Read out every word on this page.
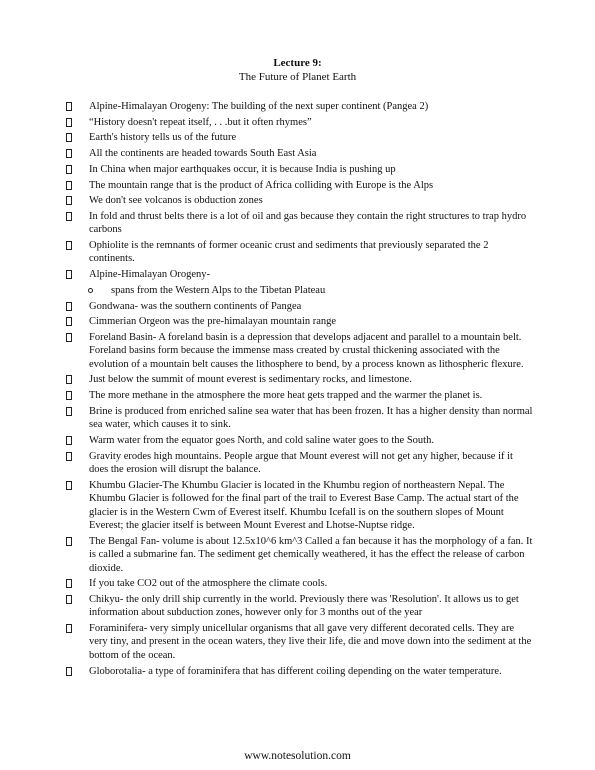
Lecture 9:
The Future of Planet Earth
Alpine-Himalayan Orogeny: The building of the next super continent (Pangea 2)
“History doesn't repeat itself, . . .but it often rhymes”
Earth's history tells us of the future
All the continents are headed towards South East Asia
In China when major earthquakes occur, it is because India is pushing up
The mountain range that is the product of Africa colliding with Europe is the Alps
We don't see volcanos is obduction zones
In fold and thrust belts there is a lot of oil and gas because they contain the right structures to trap hydro carbons
Ophiolite is the remnants of former oceanic crust and sediments that previously separated the 2 continents.
Alpine-Himalayan Orogeny-
spans from the Western Alps to the Tibetan Plateau
Gondwana- was the southern continents of Pangea
Cimmerian Orgeon was the pre-himalayan mountain range
Foreland Basin- A foreland basin is a depression that develops adjacent and parallel to a mountain belt. Foreland basins form because the immense mass created by crustal thickening associated with the evolution of a mountain belt causes the lithosphere to bend, by a process known as lithospheric flexure.
Just below the summit of mount everest is sedimentary rocks, and limestone.
The more methane in the atmosphere the more heat gets trapped and the warmer the planet is.
Brine is produced from enriched saline sea water that has been frozen. It has a higher density than normal sea water, which causes it to sink.
Warm water from the equator goes North, and cold saline water goes to the South.
Gravity erodes high mountains. People argue that Mount everest will not get any higher, because if it does the erosion will disrupt the balance.
Khumbu Glacier-The Khumbu Glacier is located in the Khumbu region of northeastern Nepal. The Khumbu Glacier is followed for the final part of the trail to Everest Base Camp. The actual start of the glacier is in the Western Cwm of Everest itself. Khumbu Icefall is on the southern slopes of Mount Everest; the glacier itself is between Mount Everest and Lhotse-Nuptse ridge.
The Bengal Fan- volume is about 12.5x10^6 km^3 Called a fan because it has the morphology of a fan. It is called a submarine fan. The sediment get chemically weathered, it has the effect the release of carbon dioxide.
If you take CO2 out of the atmosphere the climate cools.
Chikyu- the only drill ship currently in the world. Previously there was 'Resolution'. It allows us to get information about subduction zones, however only for 3 months out of the year
Foraminifera- very simply unicellular organisms that all gave very different decorated cells. They are very tiny, and present in the ocean waters, they live their life, die and move down into the sediment at the bottom of the ocean.
Globorotalia- a type of foraminifera that has different coiling depending on the water temperature.
www.notesolution.com
